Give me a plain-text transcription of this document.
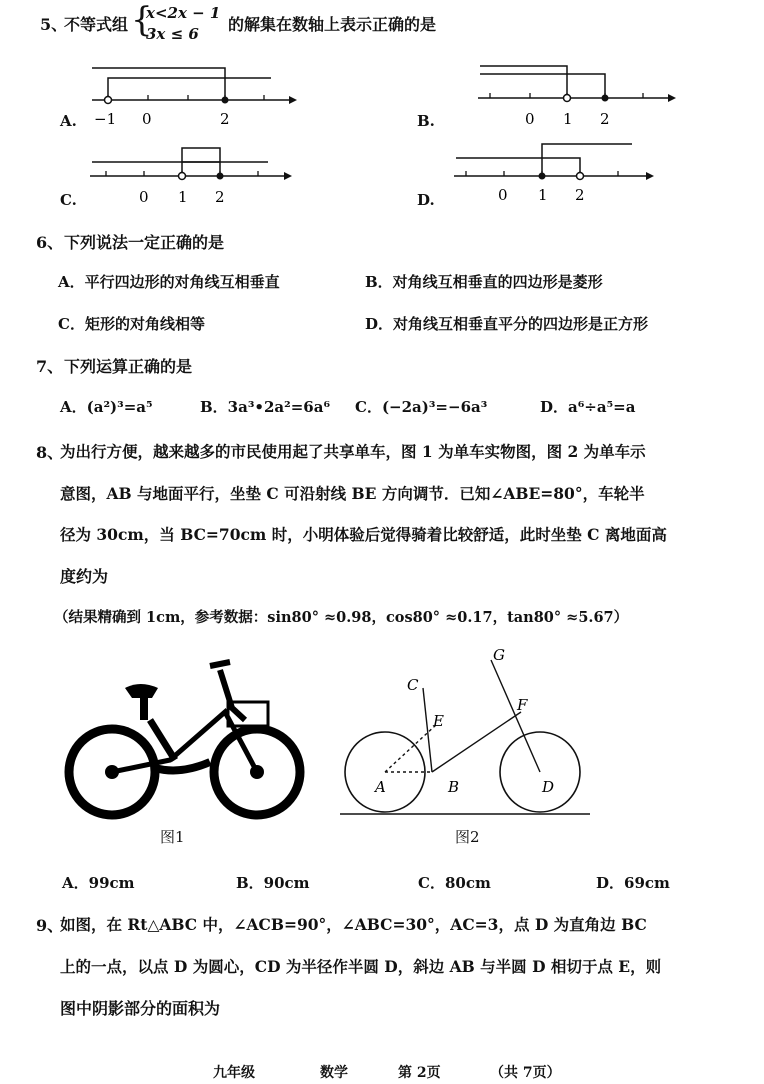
5、
不等式组 {
x<2x − 1
3x ≤ 6 的解集在数轴上表示正确的是
A. −1 0	2	B.	0 1 2
C.	0 1 2	D.	0 1 2
6、 下列说法一定正确的是
A．平行四边形的对角线互相垂直	B．对角线互相垂直的四边形是菱形
C．矩形的对角线相等	D．对角线互相垂直平分的四边形是正方形
7、 下列运算正确的是
A．(a²)³=a⁵	B．3a³•2a²=6a⁶ C．(−2a)³=−6a³	D．a⁶÷a⁵=a
8、
为出行方便，越来越多的市民使用起了共享单车，图 1 为单车实物图，图 2 为单车示
意图，AB 与地面平行，坐垫 C 可沿射线 BE 方向调节．已知∠ABE=80°，车轮半
径为 30cm，当 BC=70cm 时，小明体验后觉得骑着比较舒适，此时坐垫 C 离地面高
度约为
（结果精确到 1cm，参考数据：sin80° ≈0.98，cos80° ≈0.17，tan80° ≈5.67）
图1
C
E
F
G
A	B	D
图2
A．99cm	B．90cm	C．80cm	D．69cm
9、
如图，在 Rt△ABC 中，∠ACB=90°，∠ABC=30°，AC=3，点 D 为直角边 BC
上的一点，以点 D 为圆心，CD 为半径作半圆 D，斜边 AB 与半圆 D 相切于点 E，则
图中阴影部分的面积为
九年级	数学	第 2页	（共 7页）
